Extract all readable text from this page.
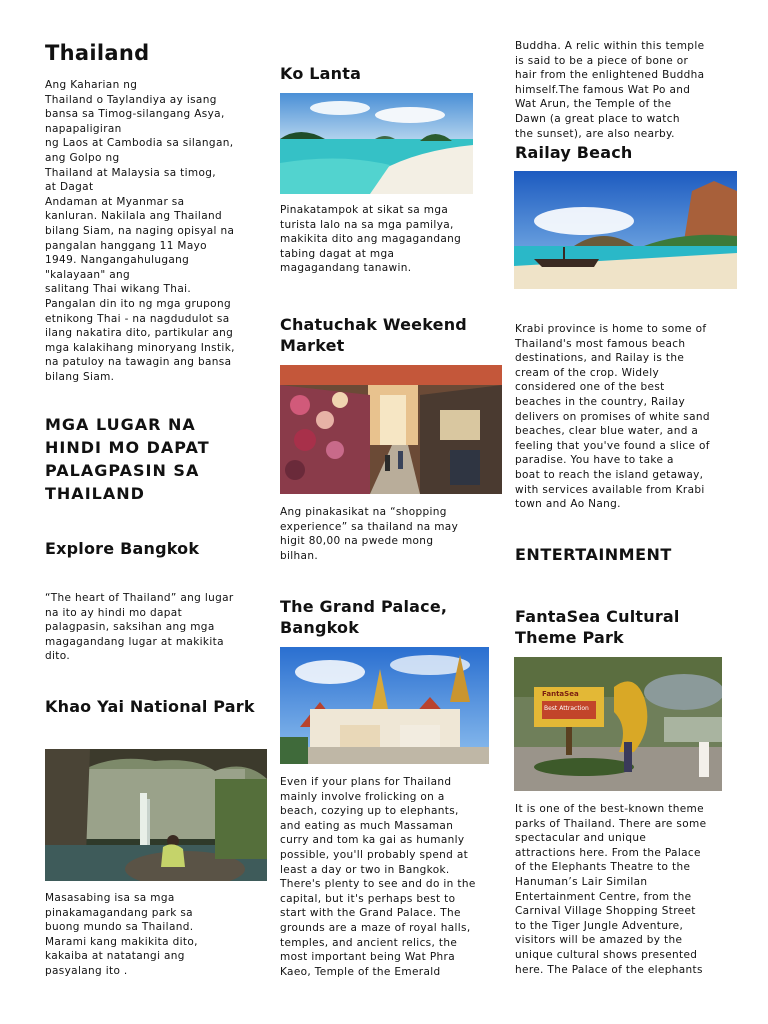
Thailand
Ang Kaharian ng
Thailand o Taylandiya ay isang
bansa sa Timog-silangang Asya,
napapaligiran
ng Laos at Cambodia sa silangan,
ang Golpo ng
Thailand at Malaysia sa timog,
at Dagat
Andaman at Myanmar sa
kanluran. Nakilala ang Thailand
bilang Siam, na naging opisyal na
pangalan hanggang 11 Mayo
1949. Nangangahulugang
"kalayaan" ang
salitang Thai wikang Thai.
Pangalan din ito ng mga grupong
etnikong Thai - na nagdudulot sa
ilang nakatira dito, partikular ang
mga kalakihang minoryang Instik,
na patuloy na tawagin ang bansa
bilang Siam.
MGA LUGAR NA
HINDI MO DAPAT
PALAGPASIN SA
THAILAND
Explore Bangkok
“The heart of Thailand” ang lugar
na ito ay hindi mo dapat
palagpasin, saksihan ang mga
magagandang lugar at makikita
dito.
Khao Yai National Park
Masasabing isa sa mga
pinakamagandang park sa
buong mundo sa Thailand.
Marami kang makikita dito,
kakaiba at natatangi ang
pasyalang ito .
Ko Lanta
Pinakatampok at sikat sa mga
turista lalo na sa mga pamilya,
makikita dito ang magagandang
tabing dagat at mga
magagandang tanawin.
Chatuchak Weekend
Market
Ang pinakasikat na “shopping
experience” sa thailand na may
higit 80,00 na pwede mong
bilhan.
The Grand Palace,
Bangkok
Even if your plans for Thailand
mainly involve frolicking on a
beach, cozying up to elephants,
and eating as much Massaman
curry and tom ka gai as humanly
possible, you'll probably spend at
least a day or two in Bangkok.
There's plenty to see and do in the
capital, but it's perhaps best to
start with the Grand Palace. The
grounds are a maze of royal halls,
temples, and ancient relics, the
most important being Wat Phra
Kaeo, Temple of the Emerald
Buddha. A relic within this temple
is said to be a piece of bone or
hair from the enlightened Buddha
himself.The famous Wat Po and
Wat Arun, the Temple of the
Dawn (a great place to watch
the sunset), are also nearby.
Railay Beach
Krabi province is home to some of
Thailand's most famous beach
destinations, and Railay is the
cream of the crop. Widely
considered one of the best
beaches in the country, Railay
delivers on promises of white sand
beaches, clear blue water, and a
feeling that you've found a slice of
paradise. You have to take a
boat to reach the island getaway,
with services available from Krabi
town and Ao Nang.
ENTERTAINMENT
FantaSea Cultural
Theme Park
FantaSea
Best Attraction
It is one of the best-known theme
parks of Thailand. There are some
spectacular and unique
attractions here. From the Palace
of the Elephants Theatre to the
Hanuman’s Lair Similan
Entertainment Centre, from the
Carnival Village Shopping Street
to the Tiger Jungle Adventure,
visitors will be amazed by the
unique cultural shows presented
here. The Palace of the elephants
